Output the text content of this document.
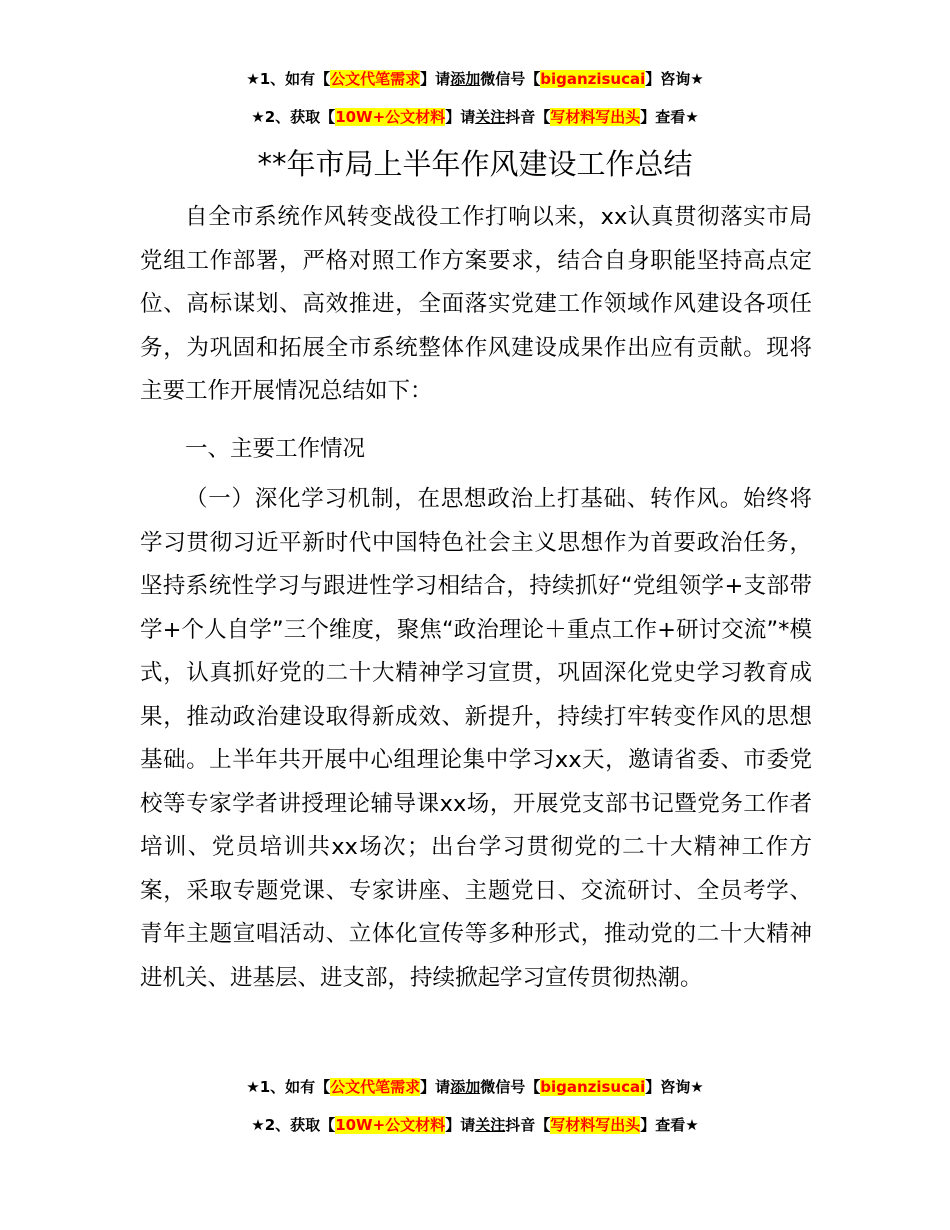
★1、如有【公文代笔需求】请添加微信号【biganzisucai】咨询★
★2、获取【10W+公文材料】请关注抖音【写材料写出头】查看★
**年市局上半年作风建设工作总结

自全市系统作风转变战役工作打响以来，xx认真贯彻落实市局党组工作部署，严格对照工作方案要求，结合自身职能坚持高点定位、高标谋划、高效推进，全面落实党建工作领域作风建设各项任务，为巩固和拓展全市系统整体作风建设成果作出应有贡献。现将主要工作开展情况总结如下：

一、主要工作情况

（一）深化学习机制，在思想政治上打基础、转作风。始终将学习贯彻习近平新时代中国特色社会主义思想作为首要政治任务，坚持系统性学习与跟进性学习相结合，持续抓好“党组领学+支部带学+个人自学”三个维度，聚焦“政治理论＋重点工作+研讨交流”*模式，认真抓好党的二十大精神学习宣贯，巩固深化党史学习教育成果，推动政治建设取得新成效、新提升，持续打牢转变作风的思想基础。上半年共开展中心组理论集中学习xx天，邀请省委、市委党校等专家学者讲授理论辅导课xx场，开展党支部书记暨党务工作者培训、党员培训共xx场次；出台学习贯彻党的二十大精神工作方案，采取专题党课、专家讲座、主题党日、交流研讨、全员考学、青年主题宣唱活动、立体化宣传等多种形式，推动党的二十大精神进机关、进基层、进支部，持续掀起学习宣传贯彻热潮。

★1、如有【公文代笔需求】请添加微信号【biganzisucai】咨询★
★2、获取【10W+公文材料】请关注抖音【写材料写出头】查看★
